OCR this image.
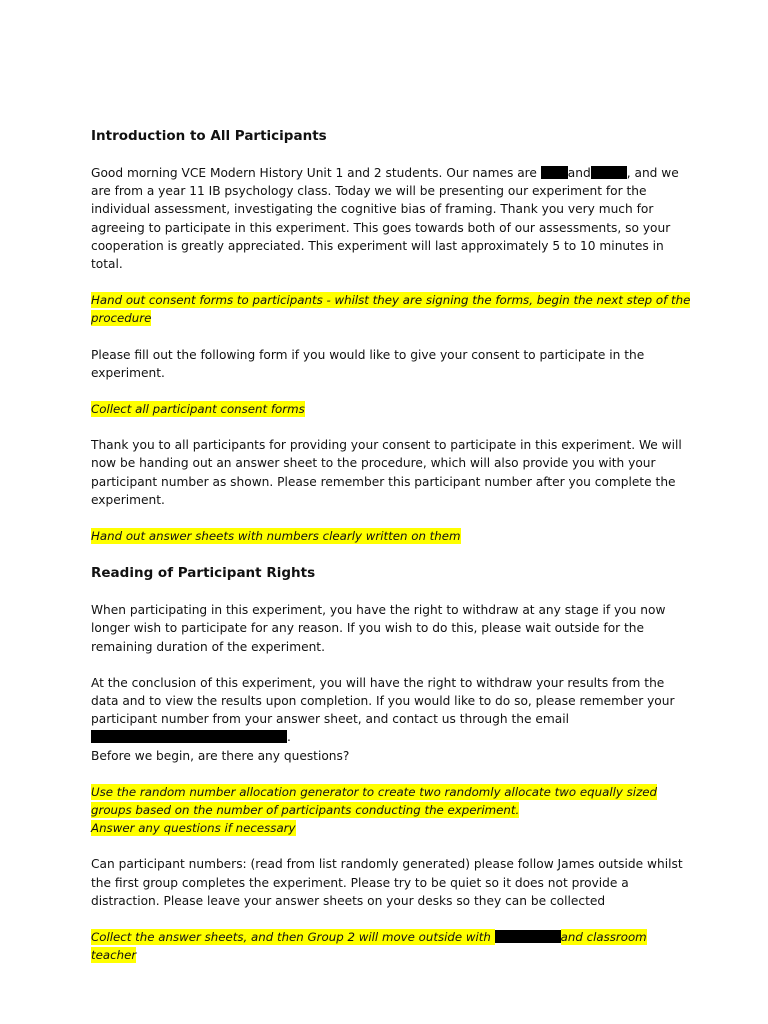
Introduction to All Participants

Good morning VCE Modern History Unit 1 and 2 students. Our names are and	, and we are from a year 11 IB psychology class. Today we will be presenting our experiment for the individual assessment, investigating the cognitive bias of framing. Thank you very much for agreeing to participate in this experiment. This goes towards both of our assessments, so your cooperation is greatly appreciated. This experiment will last approximately 5 to 10 minutes in total.

Hand out consent forms to participants - whilst they are signing the forms, begin the next step of the procedure

Please fill out the following form if you would like to give your consent to participate in the experiment.

Collect all participant consent forms

Thank you to all participants for providing your consent to participate in this experiment. We will now be handing out an answer sheet to the procedure, which will also provide you with your participant number as shown. Please remember this participant number after you complete the experiment.

Hand out answer sheets with numbers clearly written on them

Reading of Participant Rights

When participating in this experiment, you have the right to withdraw at any stage if you now longer wish to participate for any reason. If you wish to do this, please wait outside for the remaining duration of the experiment.

At the conclusion of this experiment, you will have the right to withdraw your results from the data and to view the results upon completion. If you would like to do so, please remember your participant number from your answer sheet, and contact us through the email .
Before we begin, are there any questions?

Use the random number allocation generator to create two randomly allocate two equally sized groups based on the number of participants conducting the experiment.
Answer any questions if necessary

Can participant numbers: (read from list randomly generated) please follow James outside whilst the first group completes the experiment. Please try to be quiet so it does not provide a distraction. Please leave your answer sheets on your desks so they can be collected

Collect the answer sheets, and then Group 2 will move outside with	and classroom teacher
